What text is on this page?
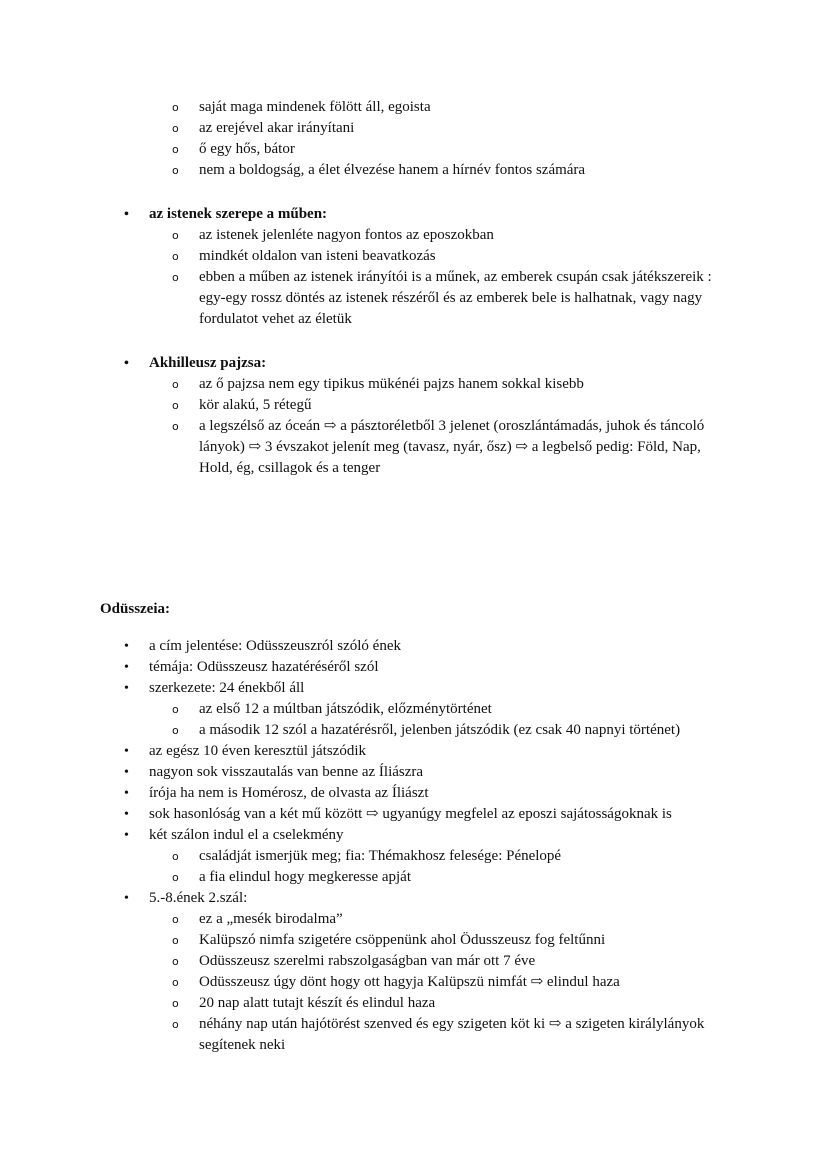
o saját maga mindenek fölött áll, egoista
o az erejével akar irányítani
o ő egy hős, bátor
o nem a boldogság, a élet élvezése hanem a hírnév fontos számára
• az istenek szerepe a műben:
o az istenek jelenléte nagyon fontos az eposzokban
o mindkét oldalon van isteni beavatkozás
o ebben a műben az istenek irányítói is a műnek, az emberek csupán csak játékszereik : egy-egy rossz döntés az istenek részéről és az emberek bele is halhatnak, vagy nagy fordulatot vehet az életük
• Akhilleusz pajzsa:
o az ő pajzsa nem egy tipikus mükénéi pajzs hanem sokkal kisebb
o kör alakú, 5 rétegű
o a legszélső az óceán ⇨ a pásztoréletből 3 jelenet (oroszlántámadás, juhok és táncoló lányok) ⇨ 3 évszakot jelenít meg (tavasz, nyár, ősz) ⇨ a legbelső pedig: Föld, Nap, Hold, ég, csillagok és a tenger
Odüsszeia:
• a cím jelentése: Odüsszeuszról szóló ének
• témája: Odüsszeusz hazatéréséről szól
• szerkezete: 24 énekből áll
o az első 12 a múltban játszódik, előzménytörténet
o a második 12 szól a hazatérésről, jelenben játszódik (ez csak 40 napnyi történet)
• az egész 10 éven keresztül játszódik
• nagyon sok visszautalás van benne az Íliászra
• írója ha nem is Homérosz, de olvasta az Íliászt
• sok hasonlóság van a két mű között ⇨ ugyanúgy megfelel az eposzi sajátosságoknak is
• két szálon indul el a cselekmény
o családját ismerjük meg; fia: Thémakhosz felesége: Pénelopé
o a fia elindul hogy megkeresse apját
• 5.-8.ének 2.szál:
o ez a „mesék birodalma”
o Kalüpszó nimfa szigetére csöppenünk ahol Ödusszeusz fog feltűnni
o Odüsszeusz szerelmi rabszolgaságban van már ott 7 éve
o Odüsszeusz úgy dönt hogy ott hagyja Kalüpszü nimfát ⇨ elindul haza
o 20 nap alatt tutajt készít és elindul haza
o néhány nap után hajótörést szenved és egy szigeten köt ki ⇨ a szigeten királylányok segítenek neki
